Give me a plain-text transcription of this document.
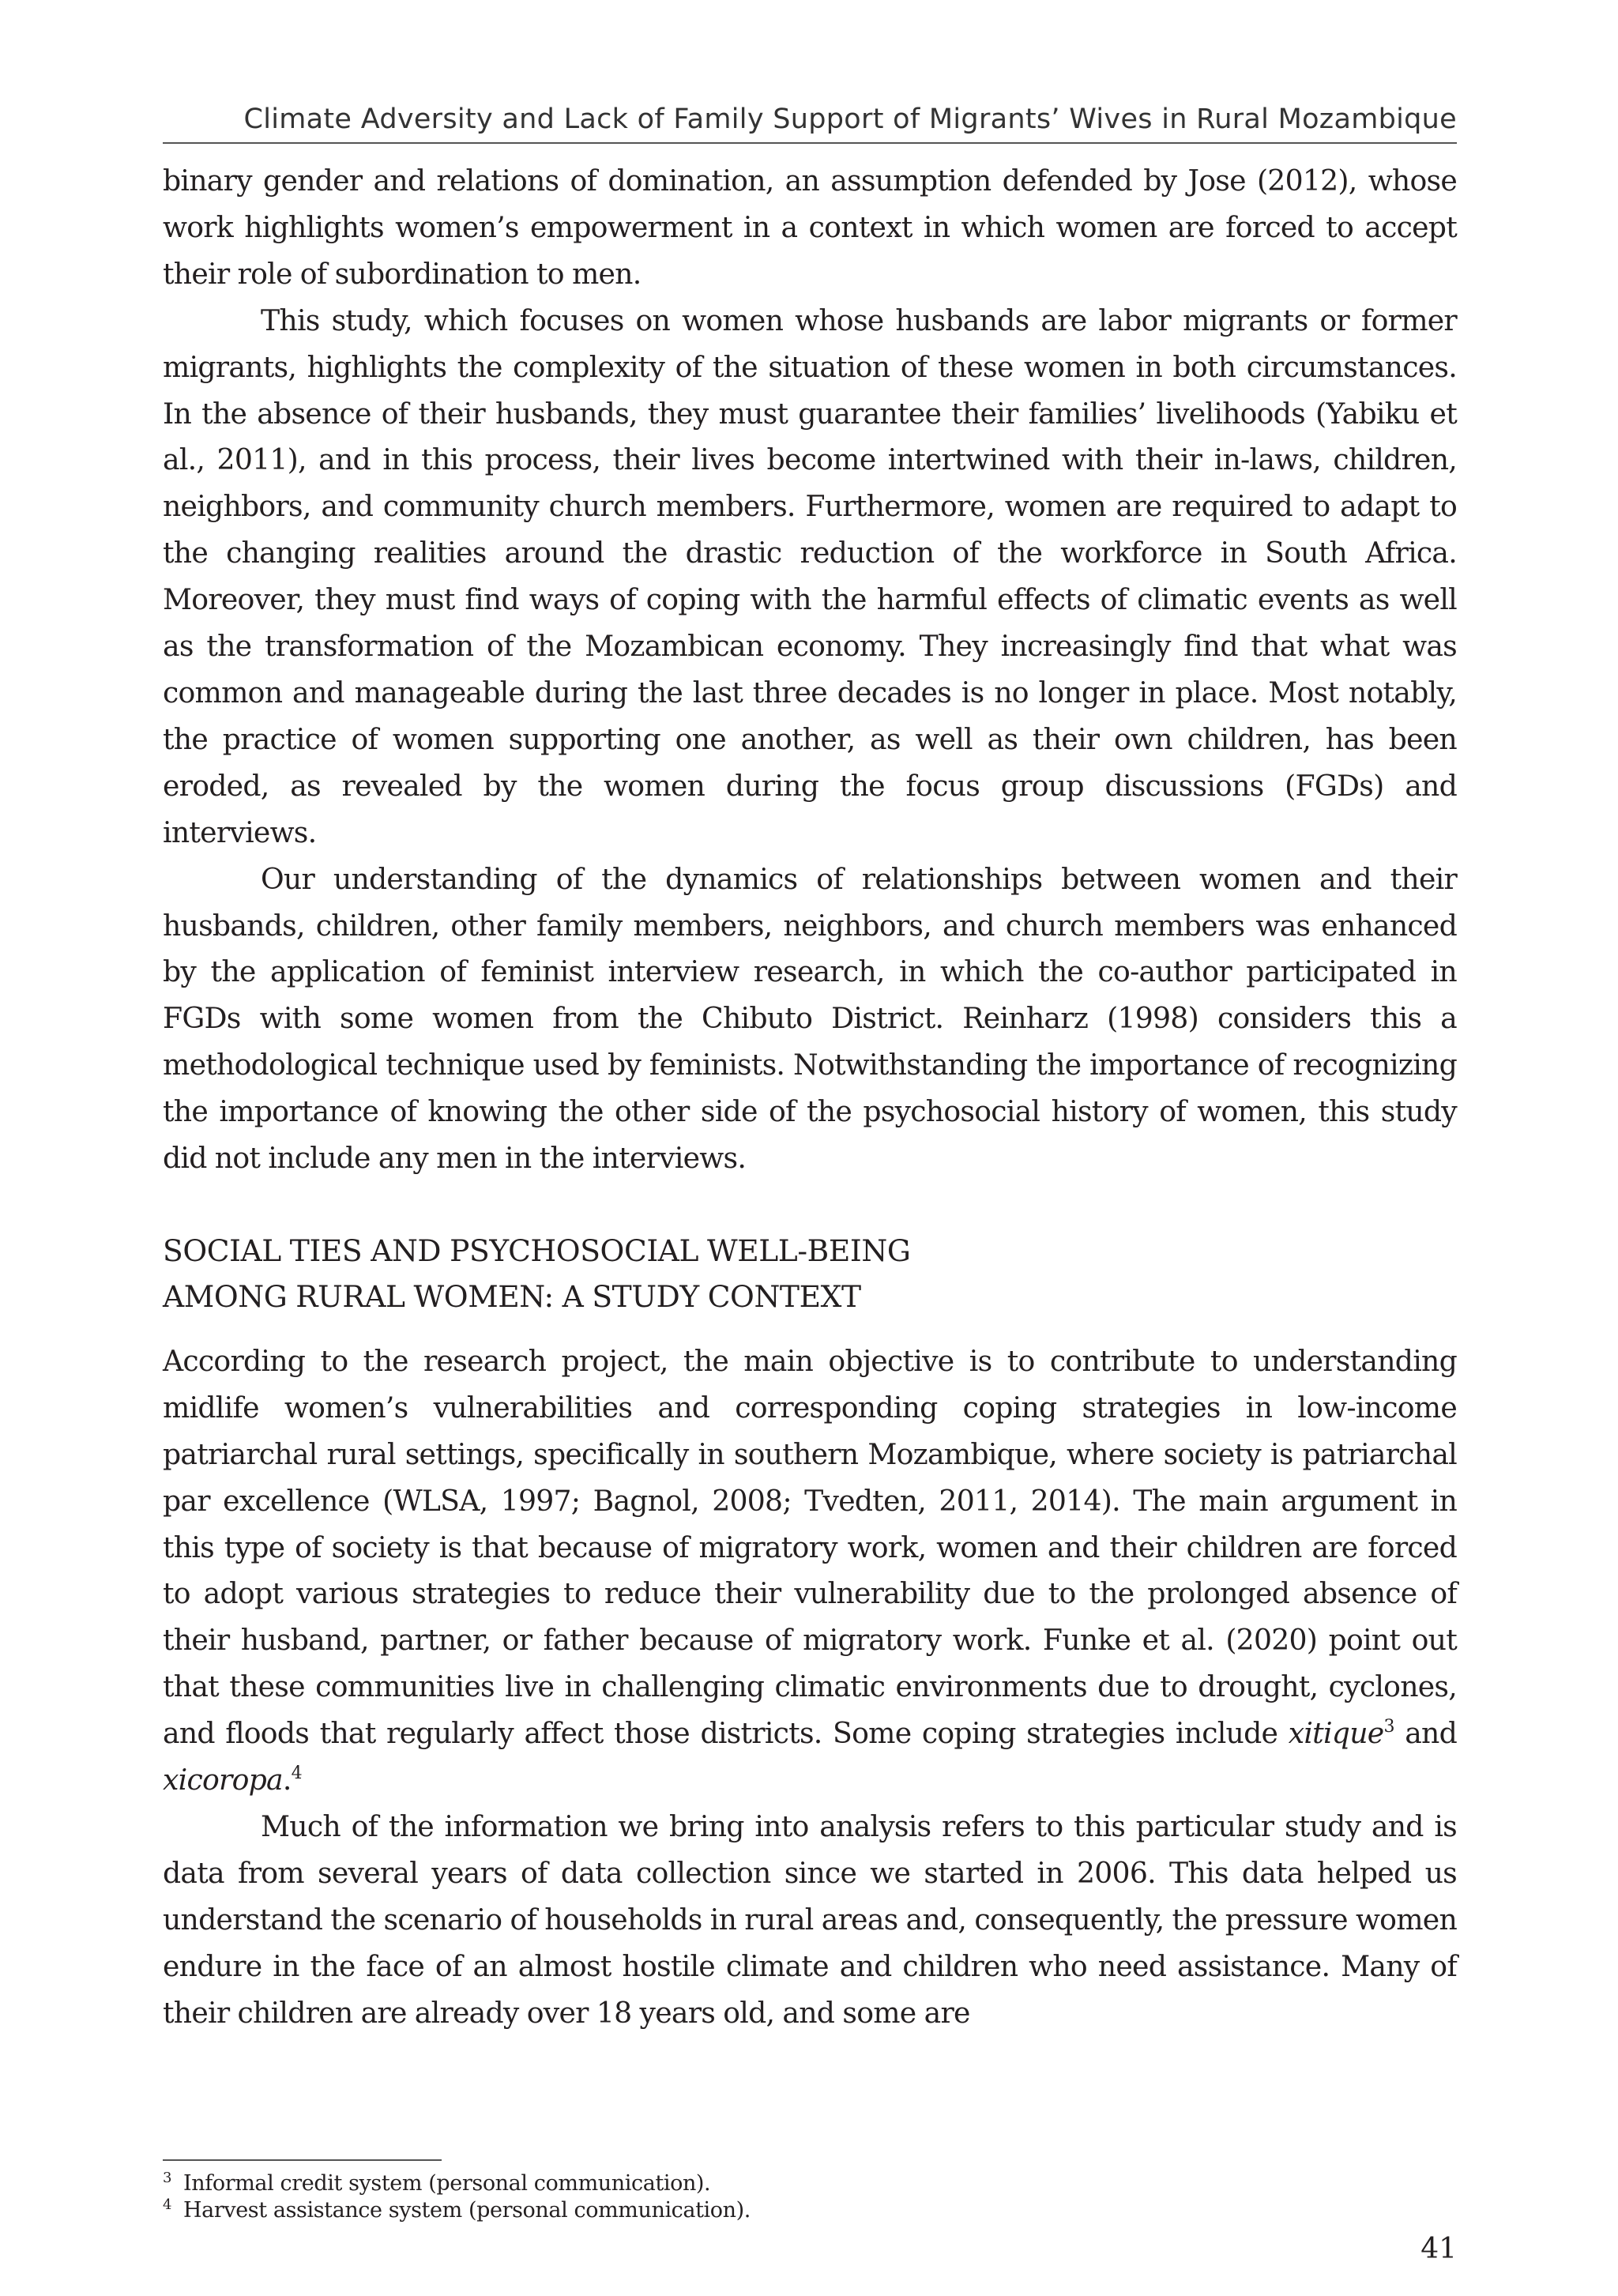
Climate Adversity and Lack of Family Support of Migrants’ Wives in Rural Mozambique

binary gender and relations of domination, an assumption defended by Jose (2012), whose work highlights women’s empowerment in a context in which women are forced to accept their role of subordination to men.

This study, which focuses on women whose husbands are labor migrants or former migrants, highlights the complexity of the situation of these women in both circumstances. In the absence of their husbands, they must guarantee their families’ livelihoods (Yabiku et al., 2011), and in this process, their lives become intertwined with their in-laws, children, neighbors, and community church members. Furthermore, women are required to adapt to the changing realities around the drastic reduction of the workforce in South Africa. Moreover, they must find ways of coping with the harmful effects of climatic events as well as the transformation of the Mozambican economy. They increasingly find that what was common and manageable during the last three decades is no longer in place. Most notably, the practice of women supporting one another, as well as their own children, has been eroded, as revealed by the women during the focus group discussions (FGDs) and interviews.

Our understanding of the dynamics of relationships between women and their husbands, children, other family members, neighbors, and church members was enhanced by the application of feminist interview research, in which the co-author participated in FGDs with some women from the Chibuto District. Reinharz (1998) considers this a methodological technique used by feminists. Notwithstanding the importance of recognizing the importance of knowing the other side of the psychosocial history of women, this study did not include any men in the interviews.

SOCIAL TIES AND PSYCHOSOCIAL WELL-BEING
AMONG RURAL WOMEN: A STUDY CONTEXT

According to the research project, the main objective is to contribute to understanding midlife women’s vulnerabilities and corresponding coping strategies in low-income patriarchal rural settings, specifically in southern Mozambique, where society is patriarchal par excellence (WLSA, 1997; Bagnol, 2008; Tvedten, 2011, 2014). The main argument in this type of society is that because of migratory work, women and their children are forced to adopt various strategies to reduce their vulnerability due to the prolonged absence of their husband, partner, or father because of migratory work. Funke et al. (2020) point out that these communities live in challenging climatic environments due to drought, cyclones, and floods that regularly affect those districts. Some coping strategies include xitique$^3$ and xicoropa.$^4$

Much of the information we bring into analysis refers to this particular study and is data from several years of data collection since we started in 2006. This data helped us understand the scenario of households in rural areas and, consequently, the pressure women endure in the face of an almost hostile climate and children who need assistance. Many of their children are already over 18 years old, and some are

3 Informal credit system (personal communication).
4 Harvest assistance system (personal communication).
41
